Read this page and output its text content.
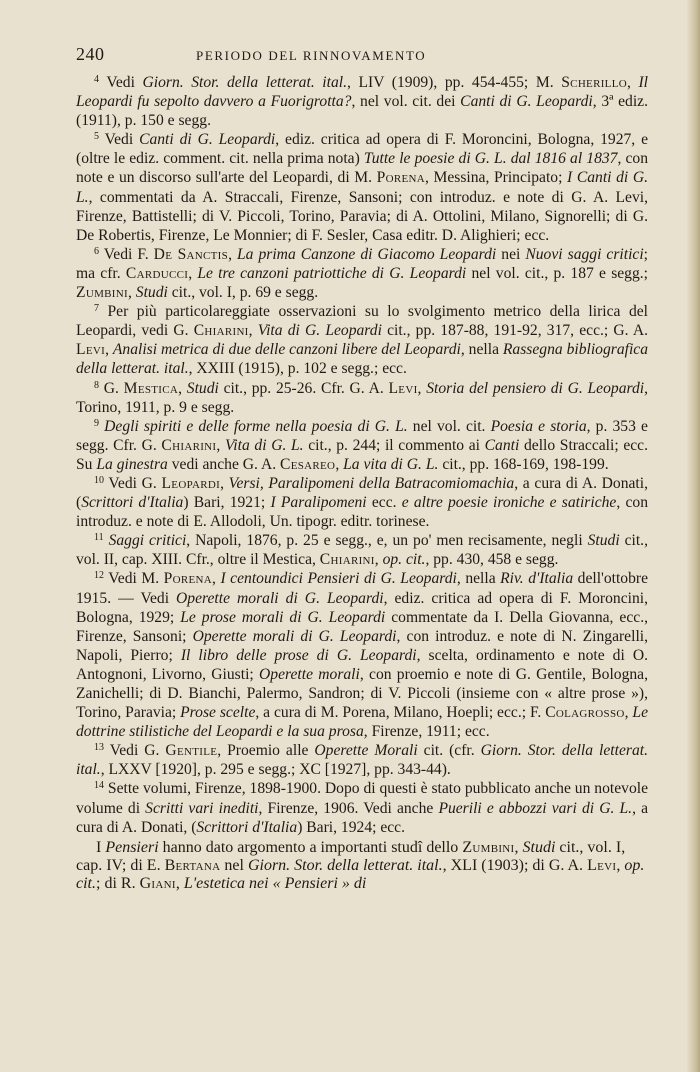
240	PERIODO DEL RINNOVAMENTO

$^4$ Vedi Giorn. Stor. della letterat. ital., LIV (1909), pp. 454-455; M. Scherillo, Il Leopardi fu sepolto davvero a Fuorigrotta?, nel vol. cit. dei Canti di G. Leopardi, 3ª ediz. (1911), p. 150 e segg.

$^5$ Vedi Canti di G. Leopardi, ediz. critica ad opera di F. Moroncini, Bologna, 1927, e (oltre le ediz. comment. cit. nella prima nota) Tutte le poesie di G. L. dal 1816 al 1837, con note e un discorso sull'arte del Leopardi, di M. Porena, Messina, Principato; I Canti di G. L., commentati da A. Straccali, Firenze, Sansoni; con introduz. e note di G. A. Levi, Firenze, Battistelli; di V. Piccoli, Torino, Paravia; di A. Ottolini, Milano, Signorelli; di G. De Robertis, Firenze, Le Monnier; di F. Sesler, Casa editr. D. Alighieri; ecc.

$^6$ Vedi F. De Sanctis, La prima Canzone di Giacomo Leopardi nei Nuovi saggi critici; ma cfr. Carducci, Le tre canzoni patriottiche di G. Leopardi nel vol. cit., p. 187 e segg.; Zumbini, Studi cit., vol. I, p. 69 e segg.

$^7$ Per più particolareggiate osservazioni su lo svolgimento metrico della lirica del Leopardi, vedi G. Chiarini, Vita di G. Leopardi cit., pp. 187-88, 191-92, 317, ecc.; G. A. Levi, Analisi metrica di due delle canzoni libere del Leopardi, nella Rassegna bibliografica della letterat. ital., XXIII (1915), p. 102 e segg.; ecc.

$^8$ G. Mestica, Studi cit., pp. 25-26. Cfr. G. A. Levi, Storia del pensiero di G. Leopardi, Torino, 1911, p. 9 e segg.

$^9$ Degli spiriti e delle forme nella poesia di G. L. nel vol. cit. Poesia e storia, p. 353 e segg. Cfr. G. Chiarini, Vita di G. L. cit., p. 244; il commento ai Canti dello Straccali; ecc. Su La ginestra vedi anche G. A. Cesareo, La vita di G. L. cit., pp. 168-169, 198-199.

$^{10}$ Vedi G. Leopardi, Versi, Paralipomeni della Batracomiomachia, a cura di A. Donati, (Scrittori d'Italia) Bari, 1921; I Paralipomeni ecc. e altre poesie ironiche e satiriche, con introduz. e note di E. Allodoli, Un. tipogr. editr. torinese.

$^{11}$ Saggi critici, Napoli, 1876, p. 25 e segg., e, un po' men recisamente, negli Studi cit., vol. II, cap. XIII. Cfr., oltre il Mestica, Chiarini, op. cit., pp. 430, 458 e segg.

$^{12}$ Vedi M. Porena, I centoundici Pensieri di G. Leopardi, nella Riv. d'Italia dell'ottobre 1915. — Vedi Operette morali di G. Leopardi, ediz. critica ad opera di F. Moroncini, Bologna, 1929; Le prose morali di G. Leopardi commentate da I. Della Giovanna, ecc., Firenze, Sansoni; Operette morali di G. Leopardi, con introduz. e note di N. Zingarelli, Napoli, Pierro; Il libro delle prose di G. Leopardi, scelta, ordinamento e note di O. Antognoni, Livorno, Giusti; Operette morali, con proemio e note di G. Gentile, Bologna, Zanichelli; di D. Bianchi, Palermo, Sandron; di V. Piccoli (insieme con « altre prose »), Torino, Paravia; Prose scelte, a cura di M. Porena, Milano, Hoepli; ecc.; F. Colagrosso, Le dottrine stilistiche del Leopardi e la sua prosa, Firenze, 1911; ecc.

$^{13}$ Vedi G. Gentile, Proemio alle Operette Morali cit. (cfr. Giorn. Stor. della letterat. ital., LXXV [1920], p. 295 e segg.; XC [1927], pp. 343-44).

$^{14}$ Sette volumi, Firenze, 1898-1900. Dopo di questi è stato pubblicato anche un notevole volume di Scritti vari inediti, Firenze, 1906. Vedi anche Puerili e abbozzi vari di G. L., a cura di A. Donati, (Scrittori d'Italia) Bari, 1924; ecc.

I Pensieri hanno dato argomento a importanti studî dello Zumbini, Studi cit., vol. I, cap. IV; di E. Bertana nel Giorn. Stor. della letterat. ital., XLI (1903); di G. A. Levi, op. cit.; di R. Giani, L'estetica nei « Pensieri » di
